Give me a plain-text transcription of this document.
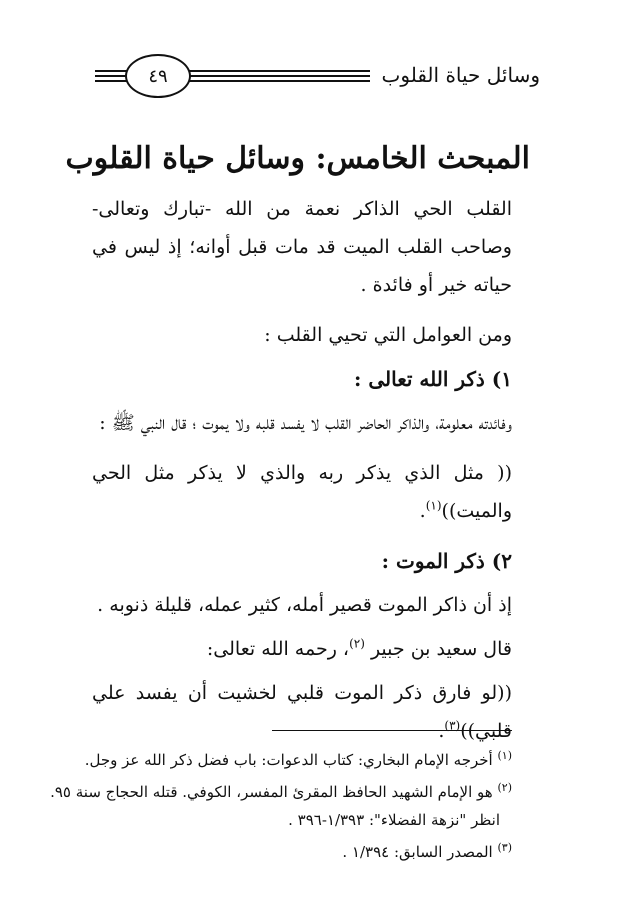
وسائل حياة القلوب
٤٩
المبحث الخامس: وسائل حياة القلوب

القلب الحي الذاكر نعمة من الله -تبارك وتعالى- وصاحب القلب الميت قد مات قبل أوانه؛ إذ ليس في حياته خير أو فائدة .

ومن العوامل التي تحيي القلب :

١) ذكر الله تعالى :

وفائدته معلومة، والذاكر الحاضر القلب لا يفسد قلبه ولا يموت ؛ قال النبي ﷺ :

(( مثل الذي يذكر ربه والذي لا يذكر مثل الحي والميت))$^{(١)}$.

٢) ذكر الموت :

إذ أن ذاكر الموت قصير أمله، كثير عمله، قليلة ذنوبه .

قال سعيد بن جبير $^{(٢)}$، رحمه الله تعالى:

((لو فارق ذكر الموت قلبي لخشيت أن يفسد علي قلبي))$^{(٣)}$.

$^{(١)}$ أخرجه الإمام البخاري: كتاب الدعوات: باب فضل ذكر الله عز وجل.

$^{(٢)}$ هو الإمام الشهيد الحافظ المقرئ المفسر، الكوفي. قتله الحجاج سنة ٩٥.

انظر "نزهة الفضلاء": ١/٣٩٣-٣٩٦ .

$^{(٣)}$ المصدر السابق: ١/٣٩٤ .
